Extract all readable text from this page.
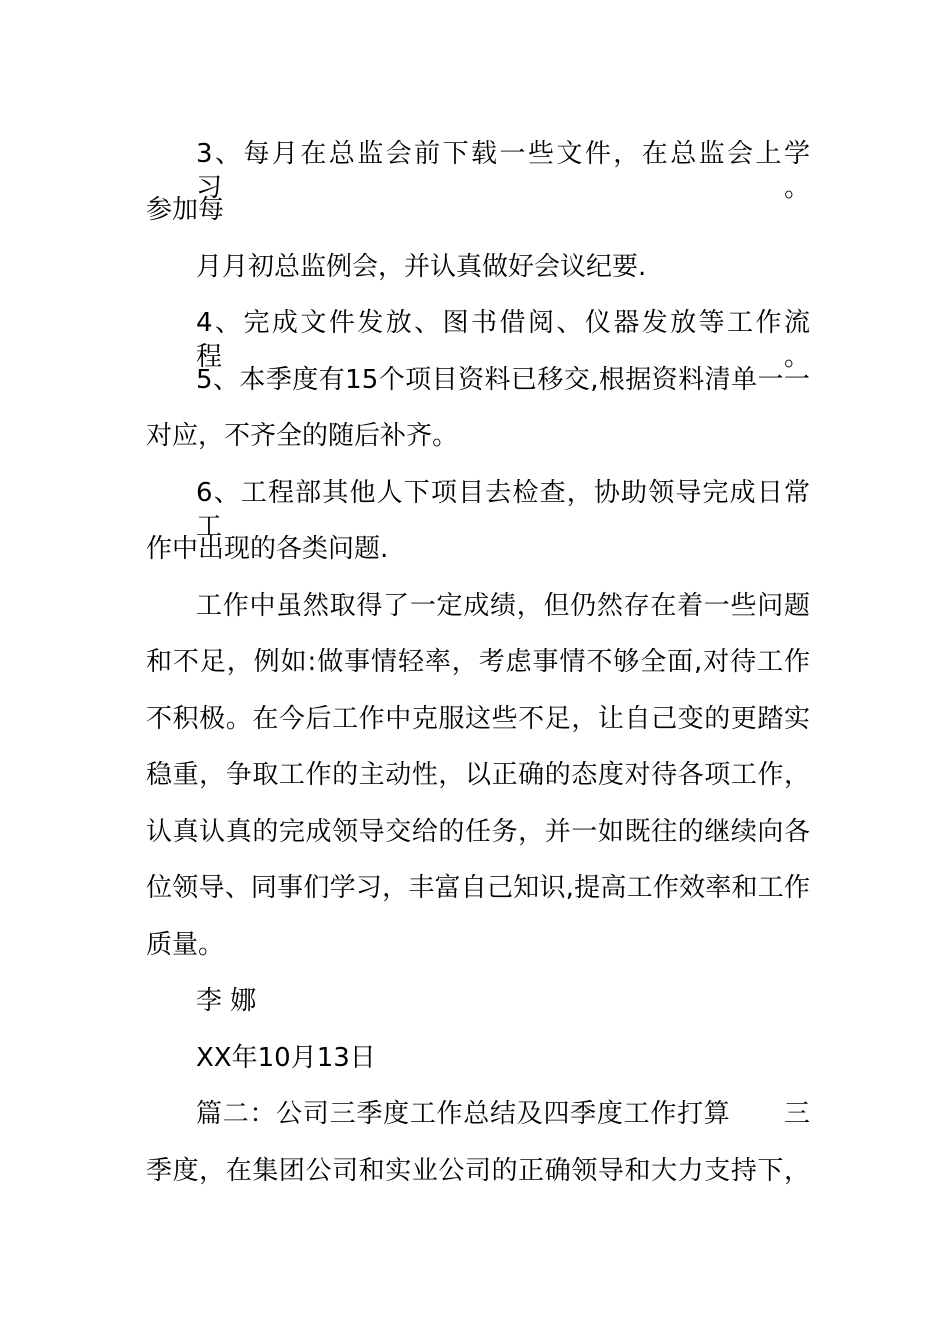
3、每月在总监会前下载一些文件，在总监会上学习。
参加每
月月初总监例会，并认真做好会议纪要.
4、完成文件发放、图书借阅、仪器发放等工作流程。
5、本季度有15个项目资料已移交,根据资料清单一一
对应，不齐全的随后补齐。
6、工程部其他人下项目去检查，协助领导完成日常工
作中出现的各类问题.
工作中虽然取得了一定成绩，但仍然存在着一些问题
和不足，例如:做事情轻率，考虑事情不够全面,对待工作
不积极。在今后工作中克服这些不足，让自己变的更踏实
稳重，争取工作的主动性，以正确的态度对待各项工作，
认真认真的完成领导交给的任务，并一如既往的继续向各
位领导、同事们学习，丰富自己知识,提高工作效率和工作
质量。
李 娜
XX年10月13日
篇二：公司三季度工作总结及四季度工作打算　　三
季度，在集团公司和实业公司的正确领导和大力支持下，
